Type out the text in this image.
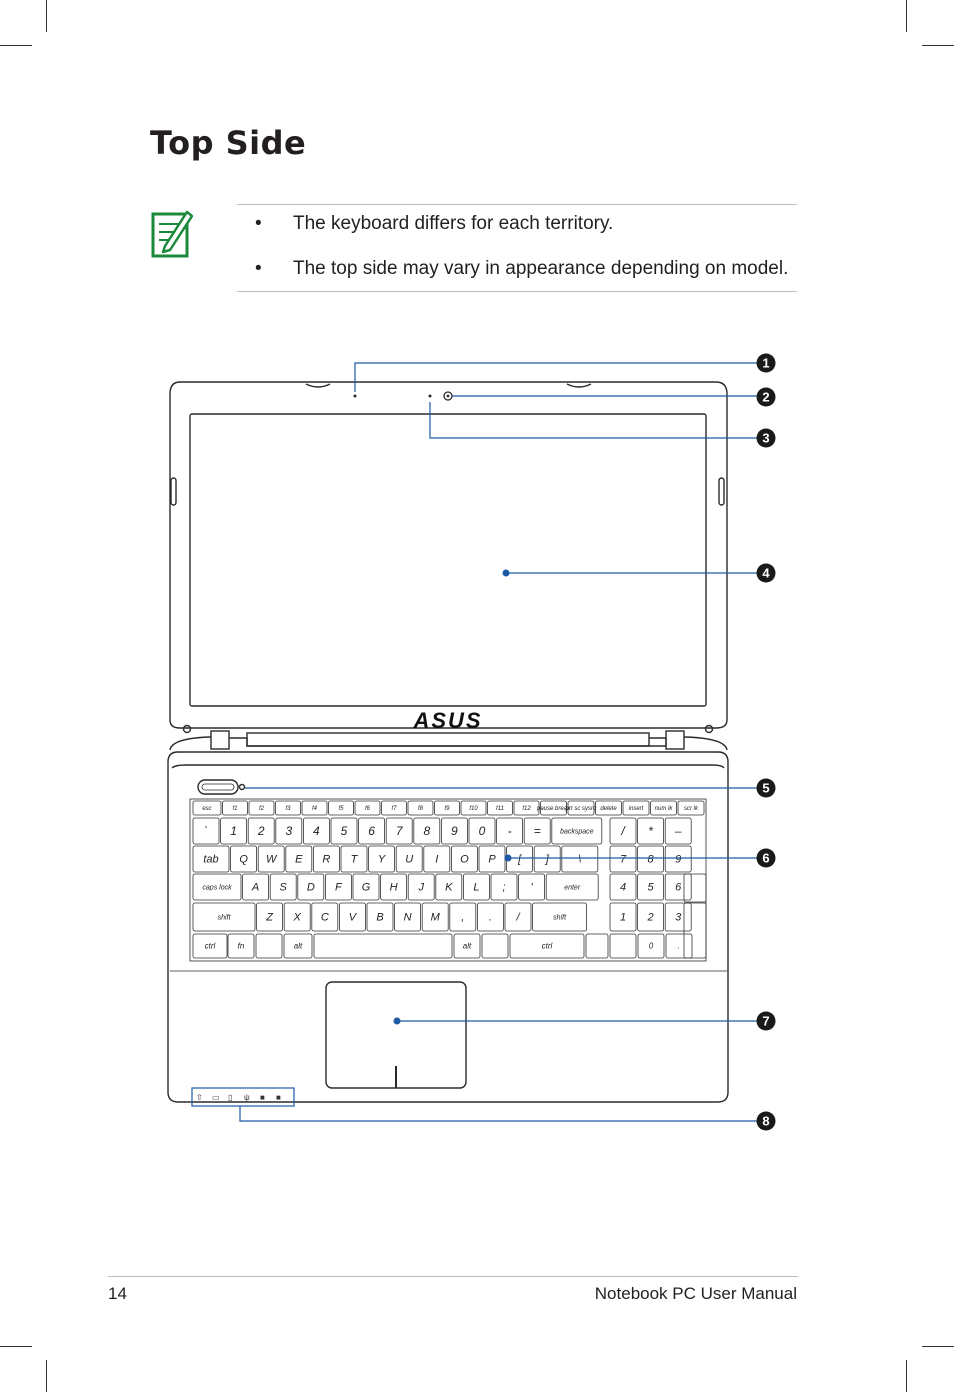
Top Side
• The keyboard differs for each territory.
• The top side may vary in appearance depending on model.
ASUS
⇧ ▭ ▯ ψ ■ ■
esc	f1	f2	f3	f4	f5	f6	f7	f8	f9	f10	f11	f12 pause break
prt sc sysrq delete insert num lk scr lk
` 1 2 3 4 5 6 7 8 9 0 - =	backspace / * –
tab Q W E R T Y U I O P [ ]	\	7 8 9
caps lock A S D F G H J K L ; '	enter	4 5 6
shift	Z X C V B N M , . /	shift	1 2 3
ctrl	fn	alt	alt	ctrl	0	.
1
2
3
4
5
6
7
8
14	Notebook PC User Manual
